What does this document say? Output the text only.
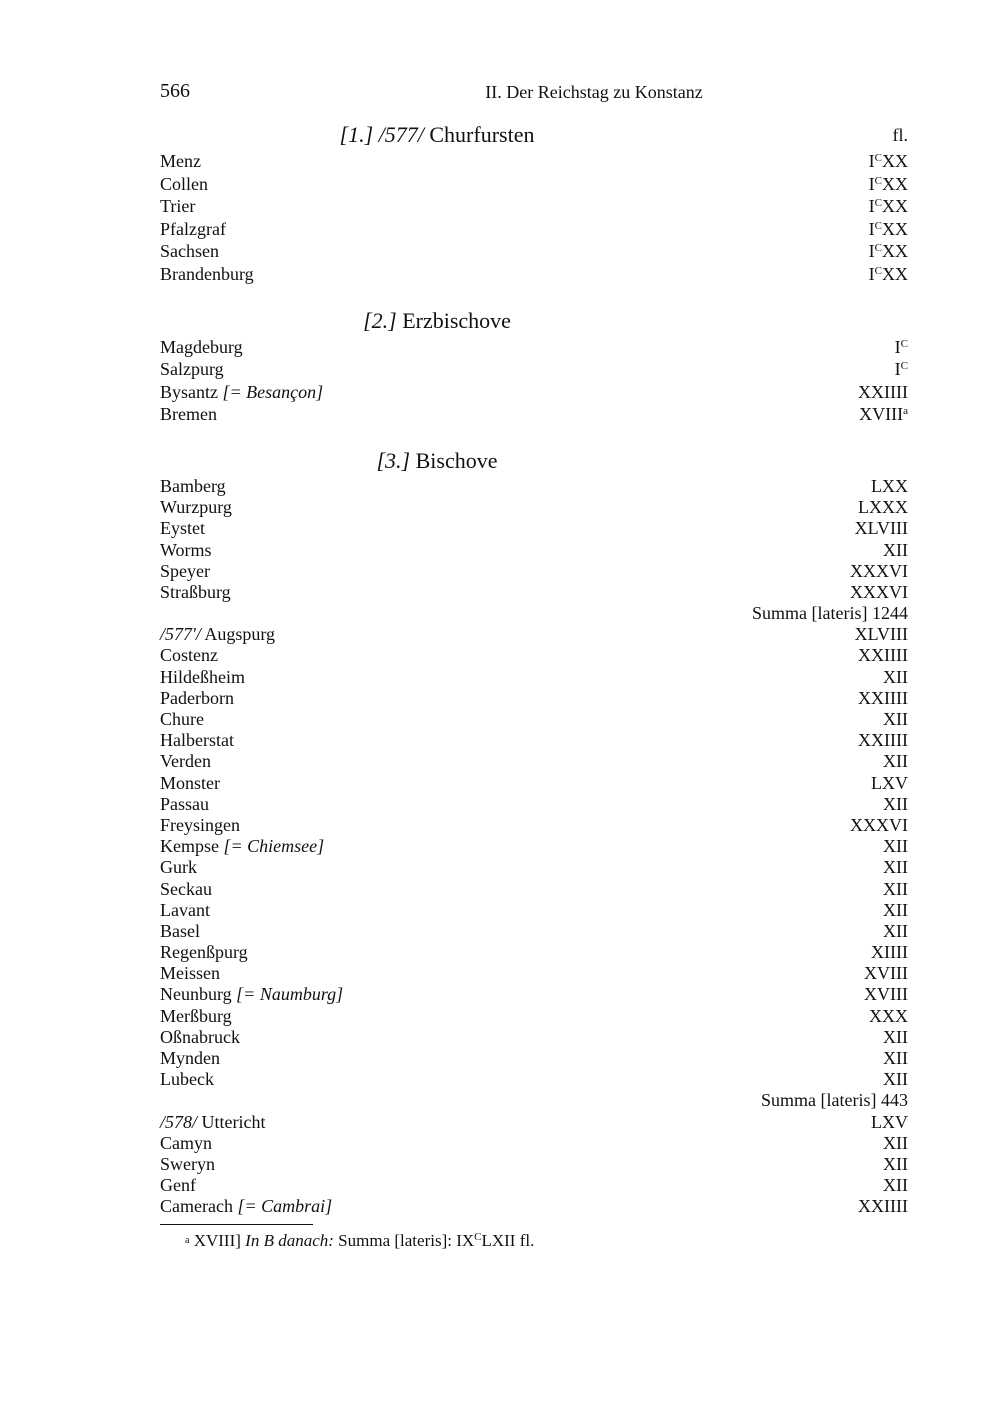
566	II. Der Reichstag zu Konstanz
[1.] /577/ Churfursten	fl.
Menz	$I^CXX$
Collen	$I^CXX$
Trier	$I^CXX$
Pfalzgraf	$I^CXX$
Sachsen	$I^CXX$
Brandenburg	$I^CXX$
[2.] Erzbischove
Magdeburg	$I^C$
Salzpurg	$I^C$
Bysantz [= Besançon]	XXIIII
Bremen	XVIII$^a$
[3.] Bischove
Bamberg	LXX
Wurzpurg	LXXX
Eystet	XLVIII
Worms	XII
Speyer	XXXVI
Straßburg	XXXVI
Summa [lateris] 1244
/577'/ Augspurg	XLVIII
Costenz	XXIIII
Hildeßheim	XII
Paderborn	XXIIII
Chure	XII
Halberstat	XXIIII
Verden	XII
Monster	LXV
Passau	XII
Freysingen	XXXVI
Kempse [= Chiemsee]	XII
Gurk	XII
Seckau	XII
Lavant	XII
Basel	XII
Regenßpurg	XIIII
Meissen	XVIII
Neunburg [= Naumburg]	XVIII
Merßburg	XXX
Oßnabruck	XII
Mynden	XII
Lubeck	XII
Summa [lateris] 443
/578/ Uttericht	LXV
Camyn	XII
Sweryn	XII
Genf	XII
Camerach [= Cambrai]	XXIIII
a XVIII] In B danach: Summa [lateris]: $IX^CLXII$ fl.
